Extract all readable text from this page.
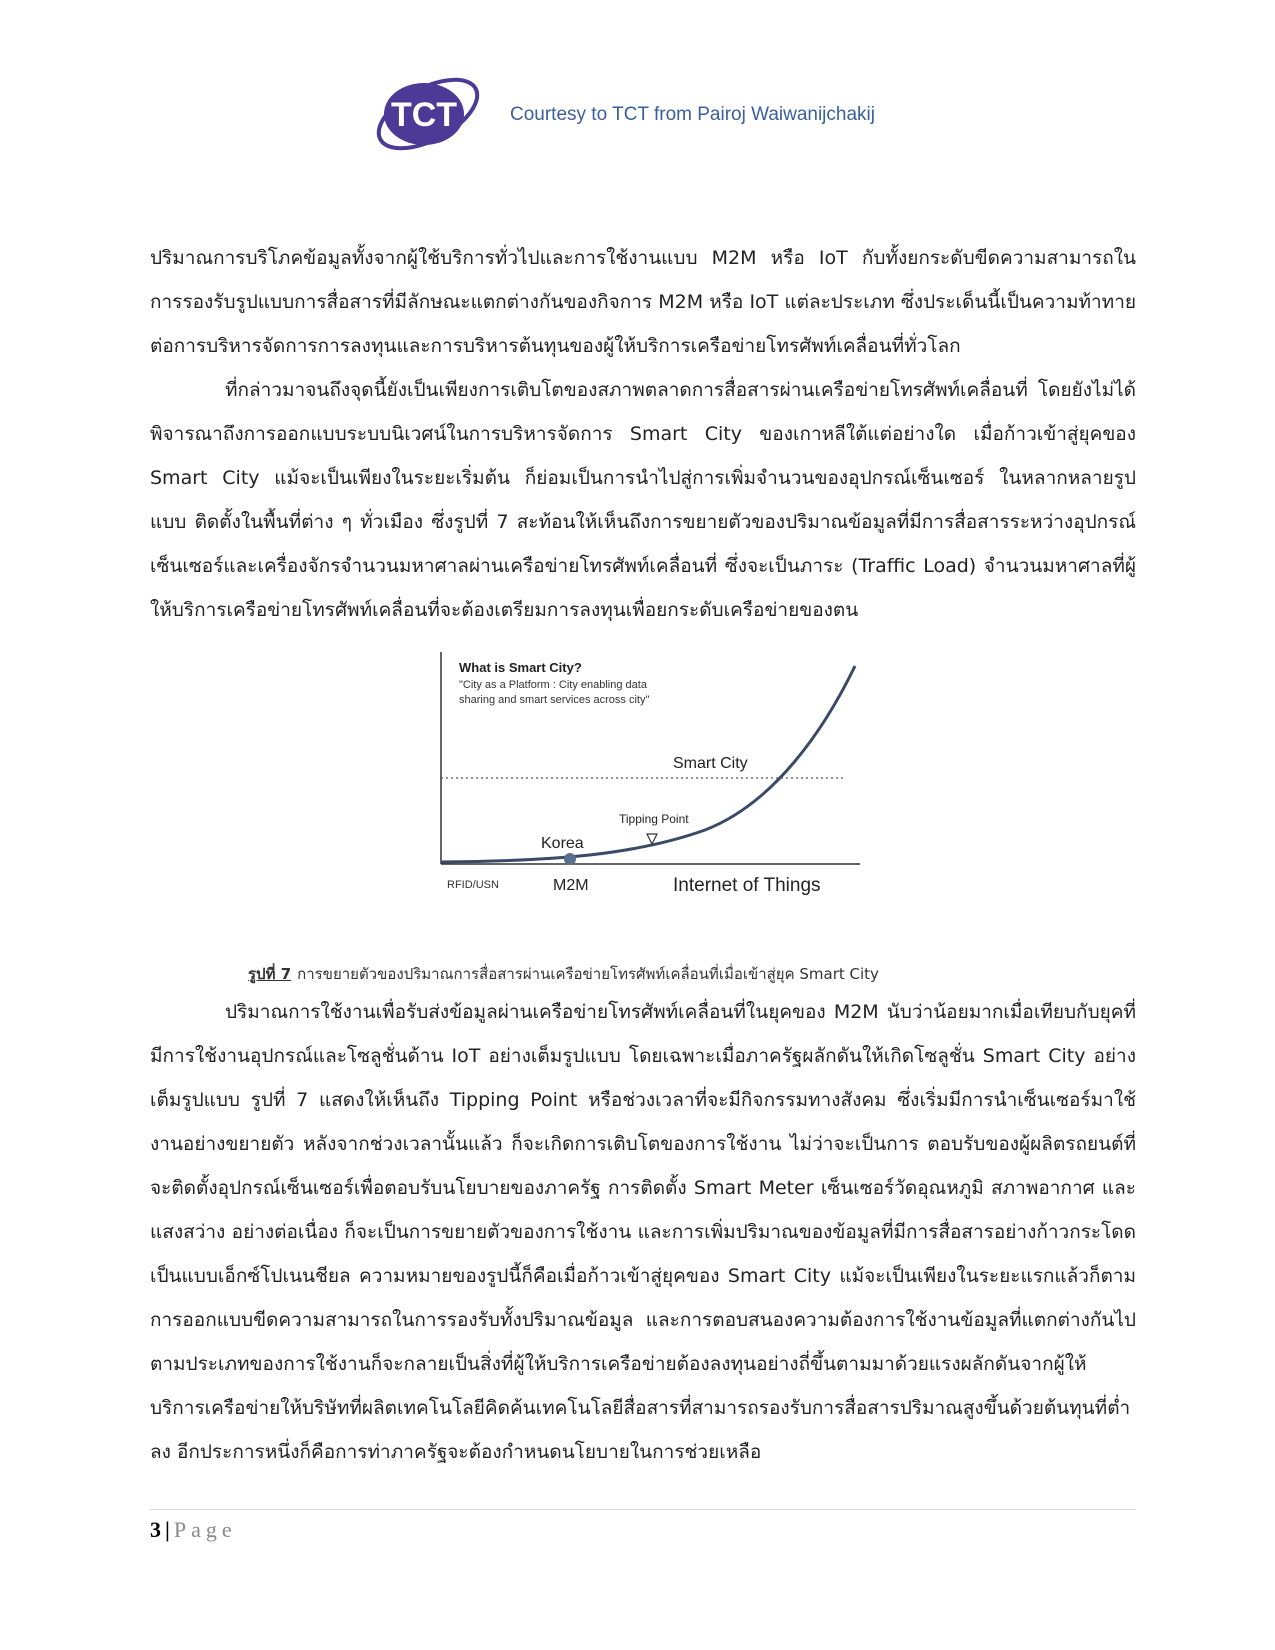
TCT	Courtesy to TCT from Pairoj Waiwanijchakij

ปริมาณการบริโภคข้อมูลทั้งจากผู้ใช้บริการทั่วไปและการใช้งานแบบ M2M หรือ IoT กับทั้งยกระดับขีดความสามารถในการรองรับรูปแบบการสื่อสารที่มีลักษณะแตกต่างกันของกิจการ M2M หรือ IoT แต่ละประเภท ซึ่งประเด็นนี้เป็นความท้าทายต่อการบริหารจัดการการลงทุนและการบริหารต้นทุนของผู้ให้บริการเครือข่ายโทรศัพท์เคลื่อนที่ทั่วโลก

ที่กล่าวมาจนถึงจุดนี้ยังเป็นเพียงการเติบโตของสภาพตลาดการสื่อสารผ่านเครือข่ายโทรศัพท์เคลื่อนที่ โดยยังไม่ได้พิจารณาถึงการออกแบบระบบนิเวศน์ในการบริหารจัดการ Smart City ของเกาหลีใต้แต่อย่างใด เมื่อก้าวเข้าสู่ยุคของ Smart City แม้จะเป็นเพียงในระยะเริ่มต้น ก็ย่อมเป็นการนำไปสู่การเพิ่มจำนวนของอุปกรณ์เซ็นเซอร์ ในหลากหลายรูปแบบ ติดตั้งในพื้นที่ต่าง ๆ ทั่วเมือง ซึ่งรูปที่ 7 สะท้อนให้เห็นถึงการขยายตัวของปริมาณข้อมูลที่มีการสื่อสารระหว่างอุปกรณ์เซ็นเซอร์และเครื่องจักรจำนวนมหาศาลผ่านเครือข่ายโทรศัพท์เคลื่อนที่ ซึ่งจะเป็นภาระ (Traffic Load) จำนวนมหาศาลที่ผู้ให้บริการเครือข่ายโทรศัพท์เคลื่อนที่จะต้องเตรียมการลงทุนเพื่อยกระดับเครือข่ายของตน

What is Smart City?
"City as a Platform : City enabling data
sharing and smart services across city"
Smart City
Tipping Point
Korea
RFID/USN	M2M	Internet of Things
รูปที่ 7 การขยายตัวของปริมาณการสื่อสารผ่านเครือข่ายโทรศัพท์เคลื่อนที่เมื่อเข้าสู่ยุค Smart City

ปริมาณการใช้งานเพื่อรับส่งข้อมูลผ่านเครือข่ายโทรศัพท์เคลื่อนที่ในยุคของ M2M นับว่าน้อยมากเมื่อเทียบกับยุคที่มีการใช้งานอุปกรณ์และโซลูชั่นด้าน IoT อย่างเต็มรูปแบบ โดยเฉพาะเมื่อภาครัฐผลักดันให้เกิดโซลูชั่น Smart City อย่างเต็มรูปแบบ รูปที่ 7 แสดงให้เห็นถึง Tipping Point หรือช่วงเวลาที่จะมีกิจกรรมทางสังคม ซึ่งเริ่มมีการนำเซ็นเซอร์มาใช้งานอย่างขยายตัว หลังจากช่วงเวลานั้นแล้ว ก็จะเกิดการเติบโตของการใช้งาน ไม่ว่าจะเป็นการ ตอบรับของผู้ผลิตรถยนต์ที่จะติดตั้งอุปกรณ์เซ็นเซอร์เพื่อตอบรับนโยบายของภาครัฐ การติดตั้ง Smart Meter เซ็นเซอร์วัดอุณหภูมิ สภาพอากาศ และแสงสว่าง อย่างต่อเนื่อง ก็จะเป็นการขยายตัวของการใช้งาน และการเพิ่มปริมาณของข้อมูลที่มีการสื่อสารอย่างก้าวกระโดดเป็นแบบเอ็กซ์โปเนนชียล ความหมายของรูปนี้ก็คือเมื่อก้าวเข้าสู่ยุคของ Smart City แม้จะเป็นเพียงในระยะแรกแล้วก็ตาม การออกแบบขีดความสามารถในการรองรับทั้งปริมาณข้อมูล และการตอบสนองความต้องการใช้งานข้อมูลที่แตกต่างกันไป ตามประเภทของการใช้งานก็จะกลายเป็นสิ่งที่ผู้ให้บริการเครือข่ายต้องลงทุนอย่างถี่ขึ้นตามมาด้วยแรงผลักดันจากผู้ให้บริการเครือข่ายให้บริษัทที่ผลิตเทคโนโลยีคิดค้นเทคโนโลยีสื่อสารที่สามารถรองรับการสื่อสารปริมาณสูงขึ้นด้วยต้นทุนที่ต่ำลง อีกประการหนึ่งก็คือการท่าภาครัฐจะต้องกำหนดนโยบายในการช่วยเหลือ

3 | Page
